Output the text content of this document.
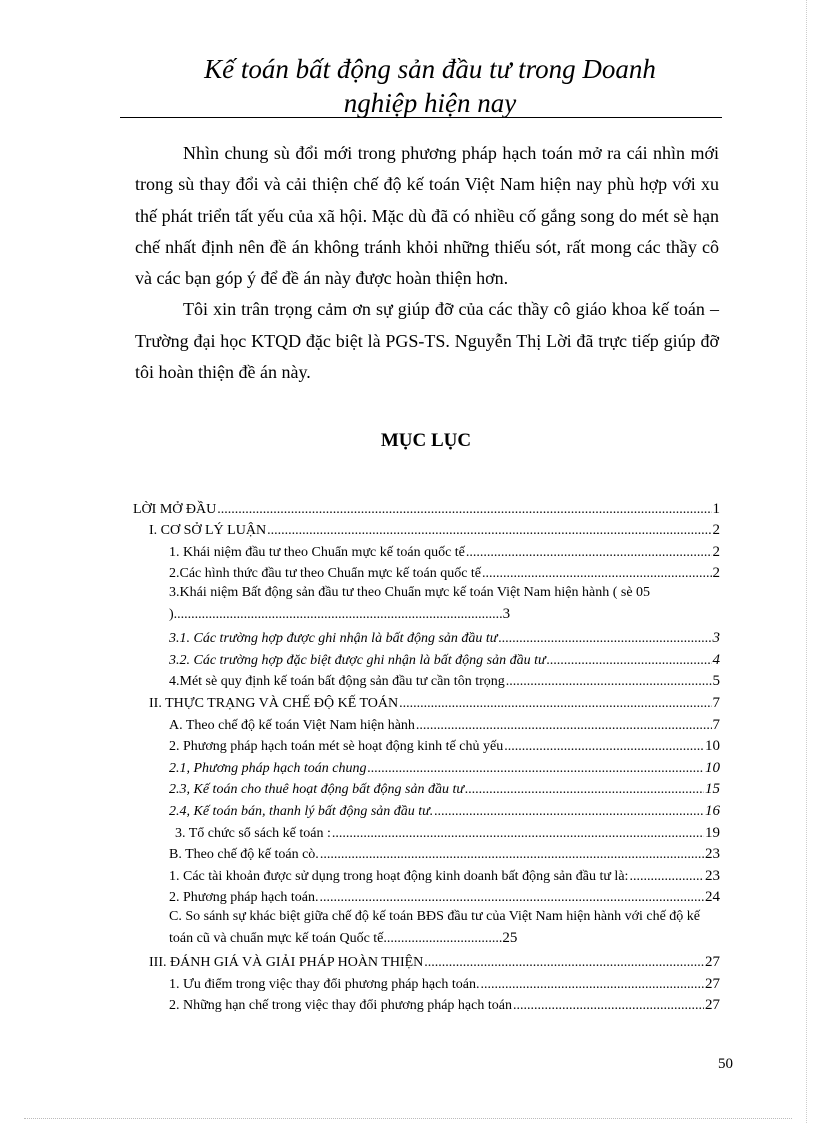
Kế toán bất động sản đầu tư trong Doanh
nghiệp hiện nay

Nhìn chung sù đổi mới trong phương pháp hạch toán mở ra cái nhìn mới trong sù thay đổi và cải thiện chế độ kế toán Việt Nam hiện nay phù hợp với xu thế phát triển tất yếu của xã hội. Mặc dù đã có nhiều cố gắng song do mét sè hạn chế nhất định nên đề án không tránh khỏi những thiếu sót, rất mong các thầy cô và các bạn góp ý để đề án này được hoàn thiện hơn.

Tôi xin trân trọng cảm ơn sự giúp đỡ của các thầy cô giáo khoa kế toán – Trường đại học KTQD đặc biệt là PGS-TS. Nguyễn Thị Lời đã trực tiếp giúp đỡ tôi hoàn thiện đề án này.

MỤC LỤC
LỜI MỞ ĐẦU .....	1
I. CƠ SỞ LÝ LUẬN .....	2
1. Khái niệm đầu tư theo Chuẩn mực kế toán quốc tế .....	2
2.Các hình thức đầu tư theo Chuẩn mực kế toán quốc tế .....	2
3.Khái niệm Bất động sản đầu tư theo Chuẩn mực kế toán Việt Nam hiện hành ( sè 05 )..............................................................................................3
3.1. Các trường hợp được ghi nhận là bất động sản đầu tư .....	3
3.2. Các trường hợp đặc biệt được ghi nhận là bất động sản đầu tư .....	4
4.Mét sè quy định kế toán bất động sản đầu tư cần tôn trọng .....	5
II. THỰC TRẠNG VÀ CHẾ ĐỘ KẾ TOÁN .....	7
A. Theo chế độ kế toán Việt Nam hiện hành .....	7
2. Phương pháp hạch toán mét sè hoạt động kinh tế chủ yếu .....	10
2.1, Phương pháp hạch toán chung .....	10
2.3, Kế toán cho thuê hoạt động bất động sản đầu tư .....	15
2.4, Kế toán bán, thanh lý bất động sản đầu tư. .....	16
3. Tổ chức sổ sách kế toán : .....	19
B. Theo chế độ kế toán cò. .....	23
1. Các tài khoản được sử dụng trong hoạt động kinh doanh bất động sản đầu tư là: .....	23
2. Phương pháp hạch toán. .....	24
C. So sánh sự khác biệt giữa chế độ kế toán BĐS đầu tư của Việt Nam hiện hành với chế độ kế toán cũ và chuẩn mực kế toán Quốc tế..................................25
III. ĐÁNH GIÁ VÀ GIẢI PHÁP HOÀN THIỆN .....	27
1. Ưu điểm trong việc thay đổi phương pháp hạch toán. .....	27
2. Những hạn chế trong việc thay đổi phương pháp hạch toán .....	27
50
